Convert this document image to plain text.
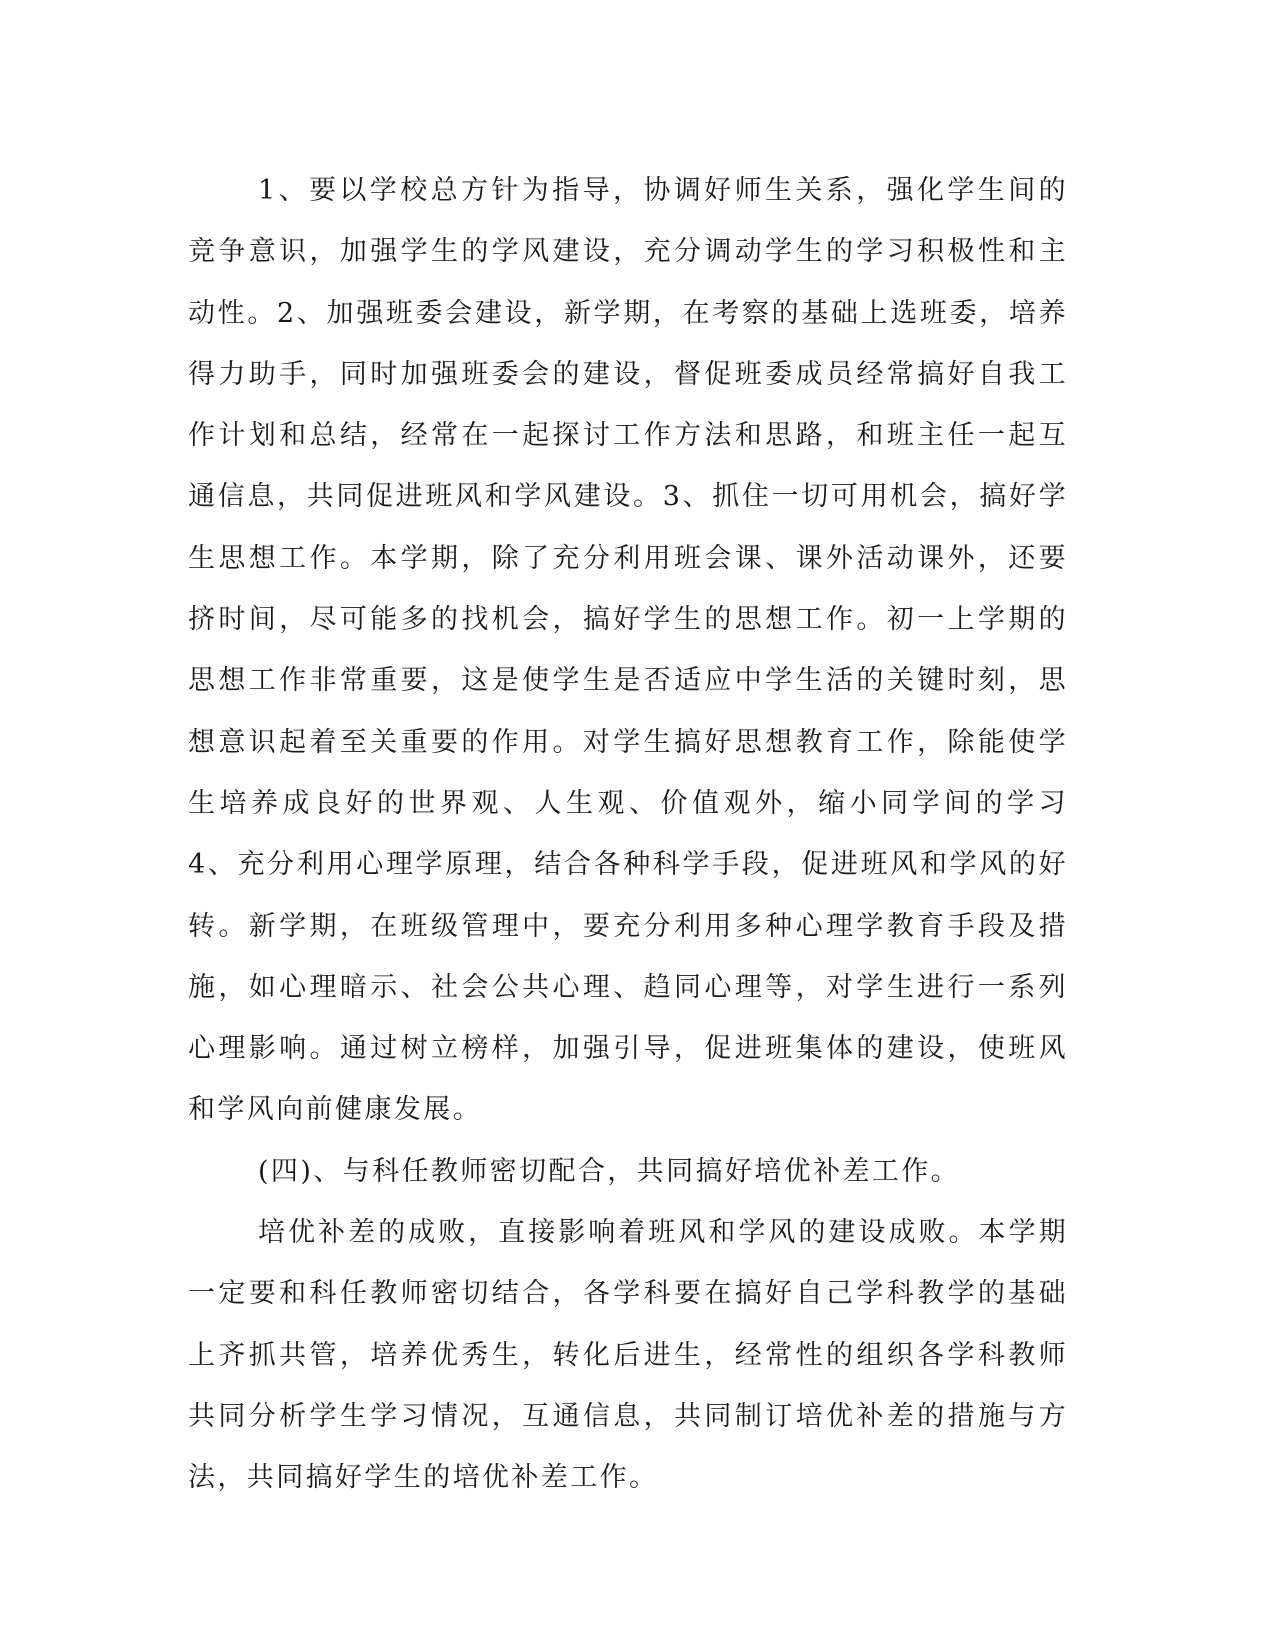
1、要以学校总方针为指导，协调好师生关系，强化学生间的竞争意识，加强学生的学风建设，充分调动学生的学习积极性和主动性。2、加强班委会建设，新学期，在考察的基础上选班委，培养得力助手，同时加强班委会的建设，督促班委成员经常搞好自我工作计划和总结，经常在一起探讨工作方法和思路，和班主任一起互通信息，共同促进班风和学风建设。3、抓住一切可用机会，搞好学生思想工作。本学期，除了充分利用班会课、课外活动课外，还要挤时间，尽可能多的找机会，搞好学生的思想工作。初一上学期的思想工作非常重要，这是使学生是否适应中学生活的关键时刻，思想意识起着至关重要的作用。对学生搞好思想教育工作，除能使学生培养成良好的世界观、人生观、价值观外，缩小同学间的学习 4、充分利用心理学原理，结合各种科学手段，促进班风和学风的好转。新学期，在班级管理中，要充分利用多种心理学教育手段及措施，如心理暗示、社会公共心理、趋同心理等，对学生进行一系列心理影响。通过树立榜样，加强引导，促进班集体的建设，使班风和学风向前健康发展。

(四)、与科任教师密切配合，共同搞好培优补差工作。

培优补差的成败，直接影响着班风和学风的建设成败。本学期一定要和科任教师密切结合，各学科要在搞好自己学科教学的基础上齐抓共管，培养优秀生，转化后进生，经常性的组织各学科教师共同分析学生学习情况，互通信息，共同制订培优补差的措施与方法，共同搞好学生的培优补差工作。
